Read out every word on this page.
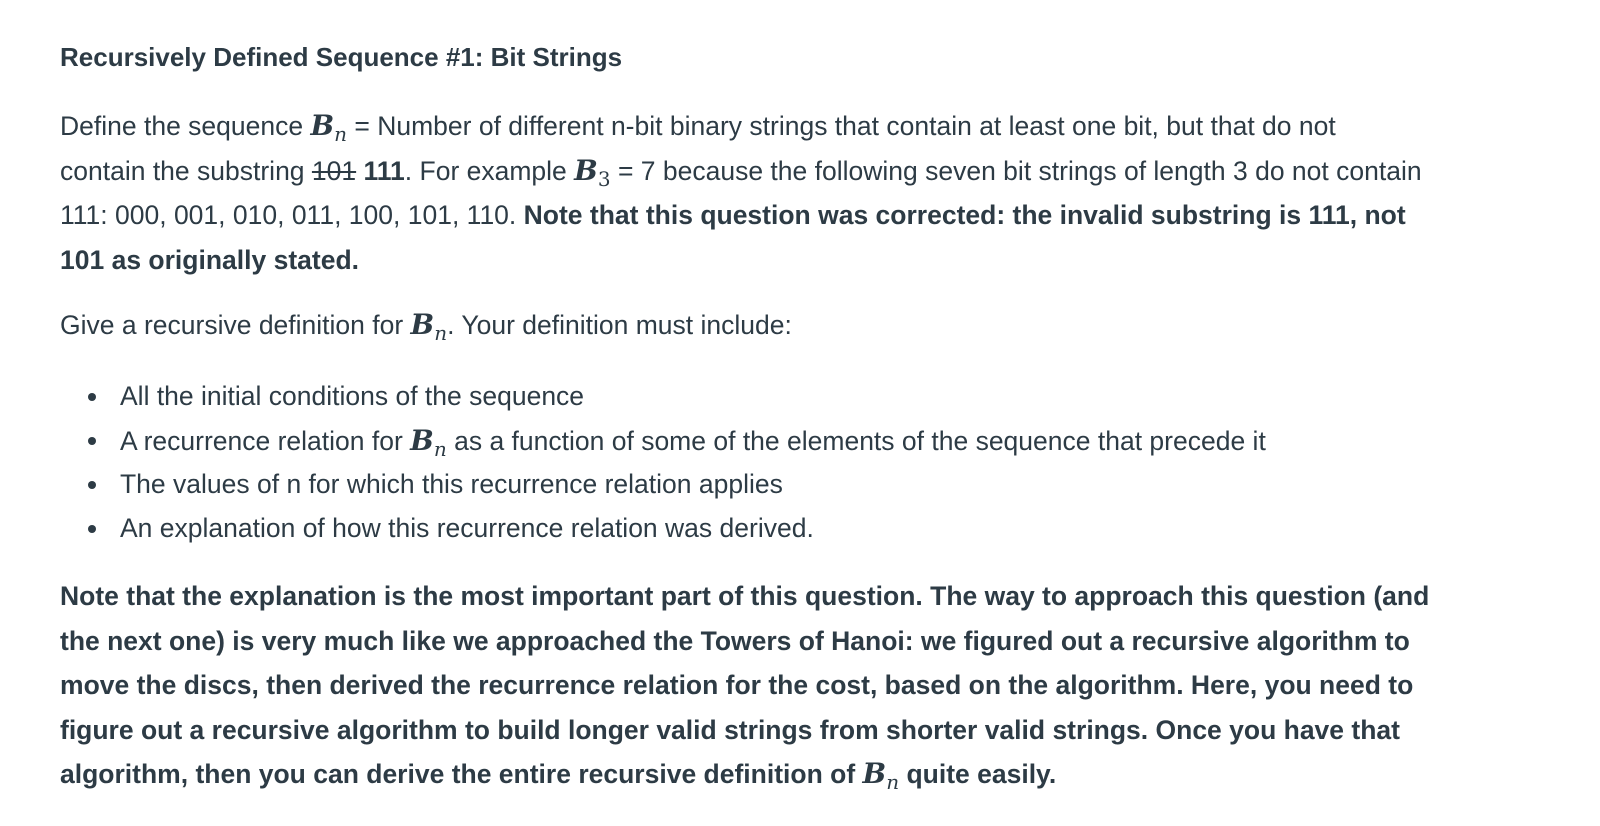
Recursively Defined Sequence #1: Bit Strings

Define the sequence $B_n$ = Number of different n-bit binary strings that contain at least one bit, but that do not
contain the substring 101 111. For example $B_3 = 7$ because the following seven bit strings of length 3 do not contain
111: 000, 001, 010, 011, 100, 101, 110. Note that this question was corrected: the invalid substring is 111, not
101 as originally stated.

Give a recursive definition for $B_n$. Your definition must include:

All the initial conditions of the sequence
A recurrence relation for $B_n$ as a function of some of the elements of the sequence that precede it
The values of n for which this recurrence relation applies
An explanation of how this recurrence relation was derived.

Note that the explanation is the most important part of this question. The way to approach this question (and
the next one) is very much like we approached the Towers of Hanoi: we figured out a recursive algorithm to
move the discs, then derived the recurrence relation for the cost, based on the algorithm. Here, you need to
figure out a recursive algorithm to build longer valid strings from shorter valid strings. Once you have that
algorithm, then you can derive the entire recursive definition of $B_n$ quite easily.
